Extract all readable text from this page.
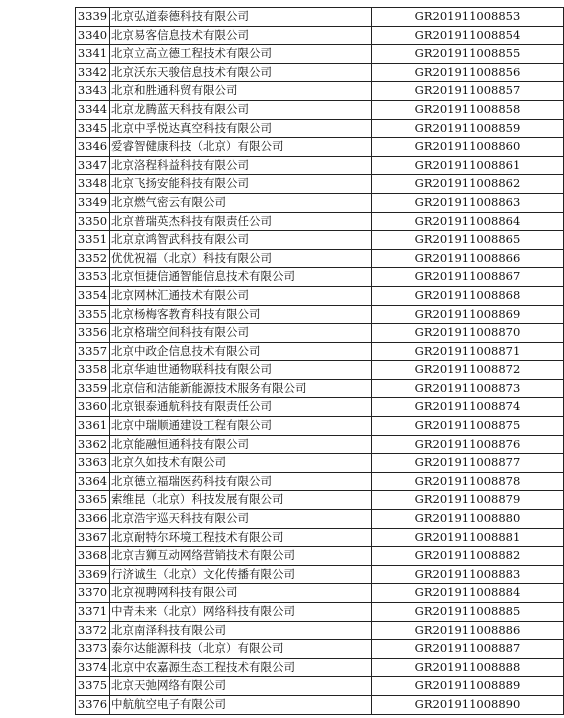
3339	北京弘道泰德科技有限公司	GR201911008853
3340	北京易客信息技术有限公司	GR201911008854
3341	北京立高立德工程技术有限公司	GR201911008855
3342	北京沃东天骏信息技术有限公司	GR201911008856
3343	北京和胜通科贸有限公司	GR201911008857
3344	北京龙腾蓝天科技有限公司	GR201911008858
3345	北京中孚悦达真空科技有限公司	GR201911008859
3346	爱睿智健康科技（北京）有限公司	GR201911008860
3347	北京洛程科益科技有限公司	GR201911008861
3348	北京飞扬安能科技有限公司	GR201911008862
3349	北京燃气密云有限公司	GR201911008863
3350	北京普瑞英杰科技有限责任公司	GR201911008864
3351	北京京鸿智武科技有限公司	GR201911008865
3352	优优祝福（北京）科技有限公司	GR201911008866
3353	北京恒捷信通智能信息技术有限公司	GR201911008867
3354	北京网林汇通技术有限公司	GR201911008868
3355	北京杨梅客教育科技有限公司	GR201911008869
3356	北京格瑞空间科技有限公司	GR201911008870
3357	北京中政企信息技术有限公司	GR201911008871
3358	北京华迪世通物联科技有限公司	GR201911008872
3359	北京信和洁能新能源技术服务有限公司	GR201911008873
3360	北京银泰通航科技有限责任公司	GR201911008874
3361	北京中瑞顺通建设工程有限公司	GR201911008875
3362	北京能融恒通科技有限公司	GR201911008876
3363	北京久如技术有限公司	GR201911008877
3364	北京德立福瑞医药科技有限公司	GR201911008878
3365	索维昆（北京）科技发展有限公司	GR201911008879
3366	北京浩宇巡天科技有限公司	GR201911008880
3367	北京耐特尔环境工程技术有限公司	GR201911008881
3368	北京吉狮互动网络营销技术有限公司	GR201911008882
3369	行济诚生（北京）文化传播有限公司	GR201911008883
3370	北京视聘网科技有限公司	GR201911008884
3371	中青未来（北京）网络科技有限公司	GR201911008885
3372	北京南泽科技有限公司	GR201911008886
3373	泰尔达能源科技（北京）有限公司	GR201911008887
3374	北京中农嘉源生态工程技术有限公司	GR201911008888
3375	北京天弛网络有限公司	GR201911008889
3376	中航航空电子有限公司	GR201911008890
